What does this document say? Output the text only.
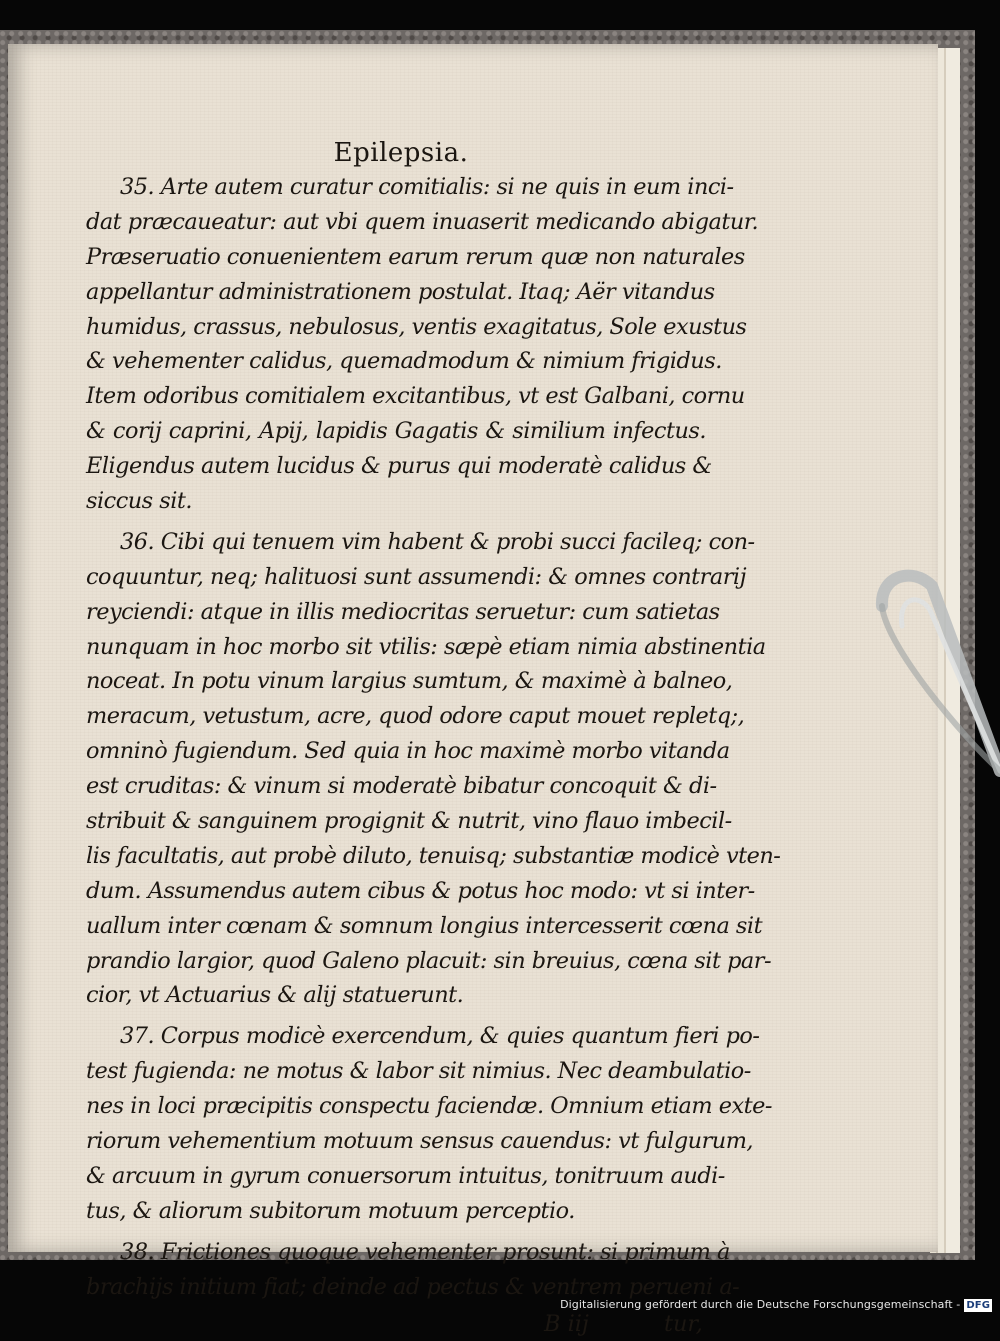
Epilepsia.
35. Arte autem curatur comitialis: si ne quis in eum inci-
dat præcaueatur: aut vbi quem inuaserit medicando abigatur.
Præseruatio conuenientem earum rerum quæ non naturales
appellantur administrationem postulat. Itaq; Aër vitandus
humidus, crassus, nebulosus, ventis exagitatus, Sole exustus
& vehementer calidus, quemadmodum & nimium frigidus.
Item odoribus comitialem excitantibus, vt est Galbani, cornu
& corij caprini, Apij, lapidis Gagatis & similium infectus.
Eligendus autem lucidus & purus qui moderatè calidus &
siccus sit.
36. Cibi qui tenuem vim habent & probi succi facileq; con-
coquuntur, neq; halituosi sunt assumendi: & omnes contrarij
reyciendi: atque in illis mediocritas seruetur: cum satietas
nunquam in hoc morbo sit vtilis: sæpè etiam nimia abstinentia
noceat. In potu vinum largius sumtum, & maximè à balneo,
meracum, vetustum, acre, quod odore caput mouet repletq;,
omninò fugiendum. Sed quia in hoc maximè morbo vitanda
est cruditas: & vinum si moderatè bibatur concoquit & di-
stribuit & sanguinem progignit & nutrit, vino flauo imbecil-
lis facultatis, aut probè diluto, tenuisq; substantiæ modicè vten-
dum. Assumendus autem cibus & potus hoc modo: vt si inter-
uallum inter cœnam & somnum longius intercesserit cœna sit
prandio largior, quod Galeno placuit: sin breuius, cœna sit par-
cior, vt Actuarius & alij statuerunt.
37. Corpus modicè exercendum, & quies quantum fieri po-
test fugienda: ne motus & labor sit nimius. Nec deambulatio-
nes in loci præcipitis conspectu faciendæ. Omnium etiam exte-
riorum vehementium motuum sensus cauendus: vt fulgurum,
& arcuum in gyrum conuersorum intuitus, tonitruum audi-
tus, & aliorum subitorum motuum perceptio.
38. Frictiones quoque vehementer prosunt: si primum à
brachijs initium fiat; deinde ad pectus & ventrem perueni a-
B iij	tur,
Digitalisierung gefördert durch die Deutsche Forschungsgemeinschaft - DFG
